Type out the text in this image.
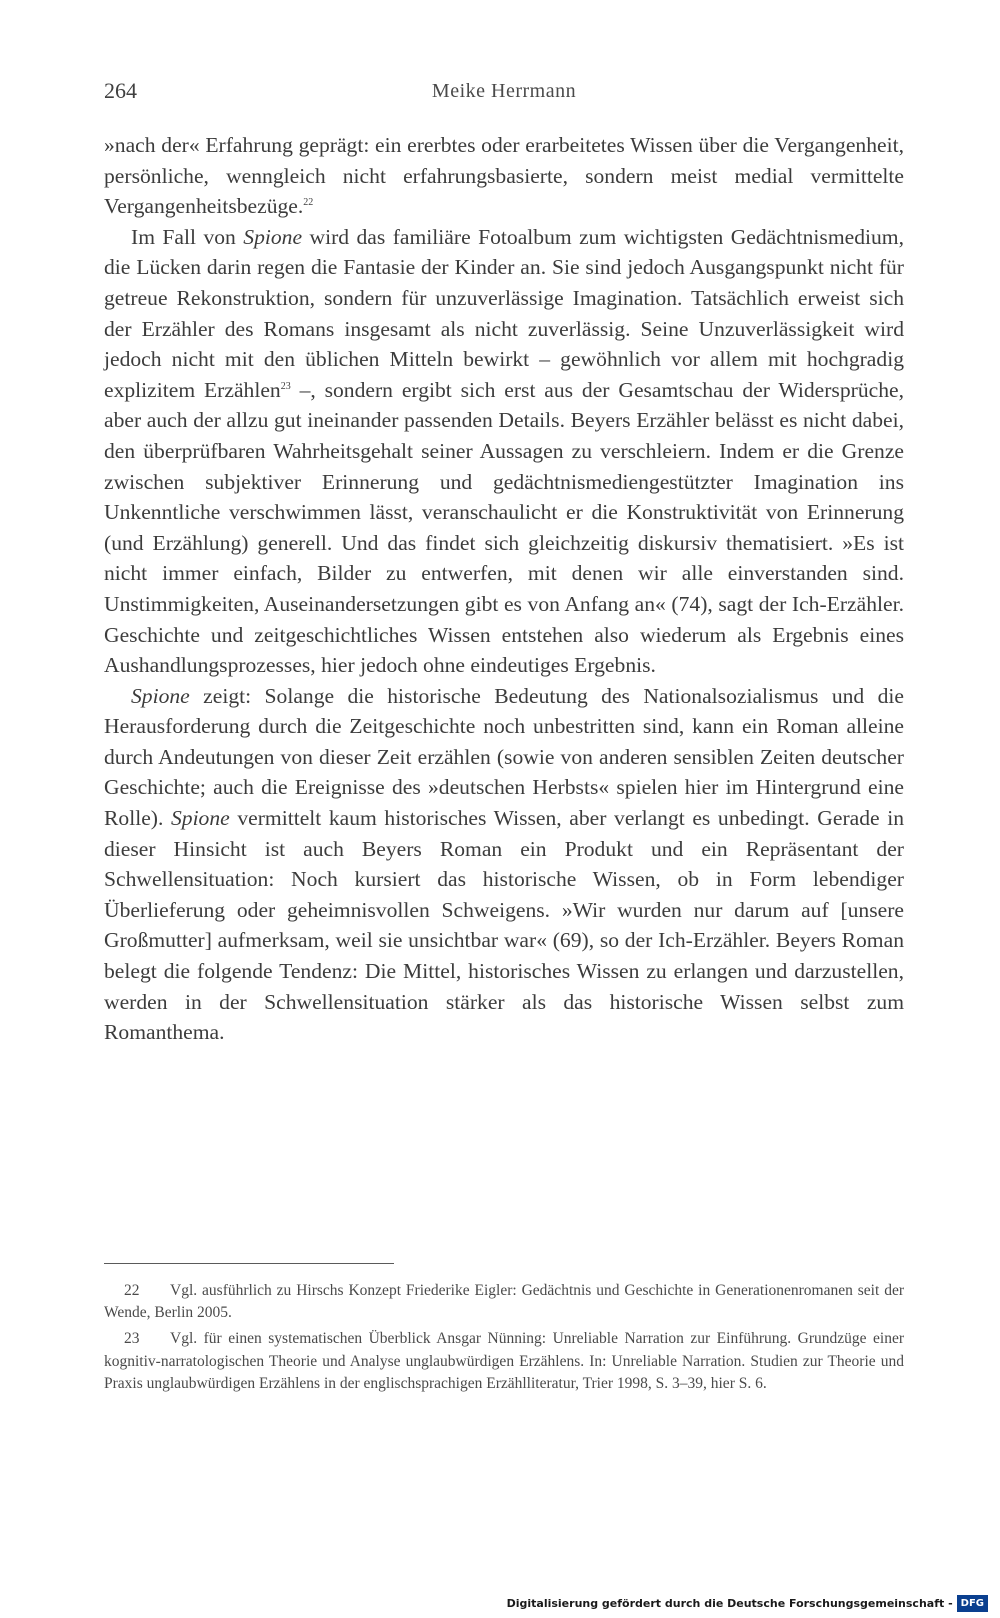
264	Meike Herrmann

»nach der« Erfahrung geprägt: ein ererbtes oder erarbeitetes Wissen über die Vergangenheit, persönliche, wenngleich nicht erfahrungsbasierte, sondern meist medial vermittelte Vergangenheitsbezüge.$^{22}$

Im Fall von Spione wird das familiäre Fotoalbum zum wichtigsten Gedächtnismedium, die Lücken darin regen die Fantasie der Kinder an. Sie sind jedoch Ausgangspunkt nicht für getreue Rekonstruktion, sondern für unzuverlässige Imagination. Tatsächlich erweist sich der Erzähler des Romans insgesamt als nicht zuverlässig. Seine Unzuverlässigkeit wird jedoch nicht mit den üblichen Mitteln bewirkt – gewöhnlich vor allem mit hochgradig explizitem Erzählen$^{23}$ –, sondern ergibt sich erst aus der Gesamtschau der Widersprüche, aber auch der allzu gut ineinander passenden Details. Beyers Erzähler belässt es nicht dabei, den überprüfbaren Wahrheitsgehalt seiner Aussagen zu verschleiern. Indem er die Grenze zwischen subjektiver Erinnerung und gedächtnismediengestützter Imagination ins Unkenntliche verschwimmen lässt, veranschaulicht er die Konstruktivität von Erinnerung (und Erzählung) generell. Und das findet sich gleichzeitig diskursiv thematisiert. »Es ist nicht immer einfach, Bilder zu entwerfen, mit denen wir alle einverstanden sind. Unstimmigkeiten, Auseinandersetzungen gibt es von Anfang an« (74), sagt der Ich-Erzähler. Geschichte und zeitgeschichtliches Wissen entstehen also wiederum als Ergebnis eines Aushandlungsprozesses, hier jedoch ohne eindeutiges Ergebnis.

Spione zeigt: Solange die historische Bedeutung des Nationalsozialismus und die Herausforderung durch die Zeitgeschichte noch unbestritten sind, kann ein Roman alleine durch Andeutungen von dieser Zeit erzählen (sowie von anderen sensiblen Zeiten deutscher Geschichte; auch die Ereignisse des »deutschen Herbsts« spielen hier im Hintergrund eine Rolle). Spione vermittelt kaum historisches Wissen, aber verlangt es unbedingt. Gerade in dieser Hinsicht ist auch Beyers Roman ein Produkt und ein Repräsentant der Schwellensituation: Noch kursiert das historische Wissen, ob in Form lebendiger Überlieferung oder geheimnisvollen Schweigens. »Wir wurden nur darum auf [unsere Großmutter] aufmerksam, weil sie unsichtbar war« (69), so der Ich-Erzähler. Beyers Roman belegt die folgende Tendenz: Die Mittel, historisches Wissen zu erlangen und darzustellen, werden in der Schwellensituation stärker als das historische Wissen selbst zum Romanthema.

22 Vgl. ausführlich zu Hirschs Konzept Friederike Eigler: Gedächtnis und Geschichte in Generationenromanen seit der Wende, Berlin 2005.

23 Vgl. für einen systematischen Überblick Ansgar Nünning: Unreliable Narration zur Einführung. Grundzüge einer kognitiv-narratologischen Theorie und Analyse unglaubwürdigen Erzählens. In: Unreliable Narration. Studien zur Theorie und Praxis unglaubwürdigen Erzählens in der englischsprachigen Erzählliteratur, Trier 1998, S. 3–39, hier S. 6.

Digitalisierung gefördert durch die Deutsche Forschungsgemeinschaft - DFG
